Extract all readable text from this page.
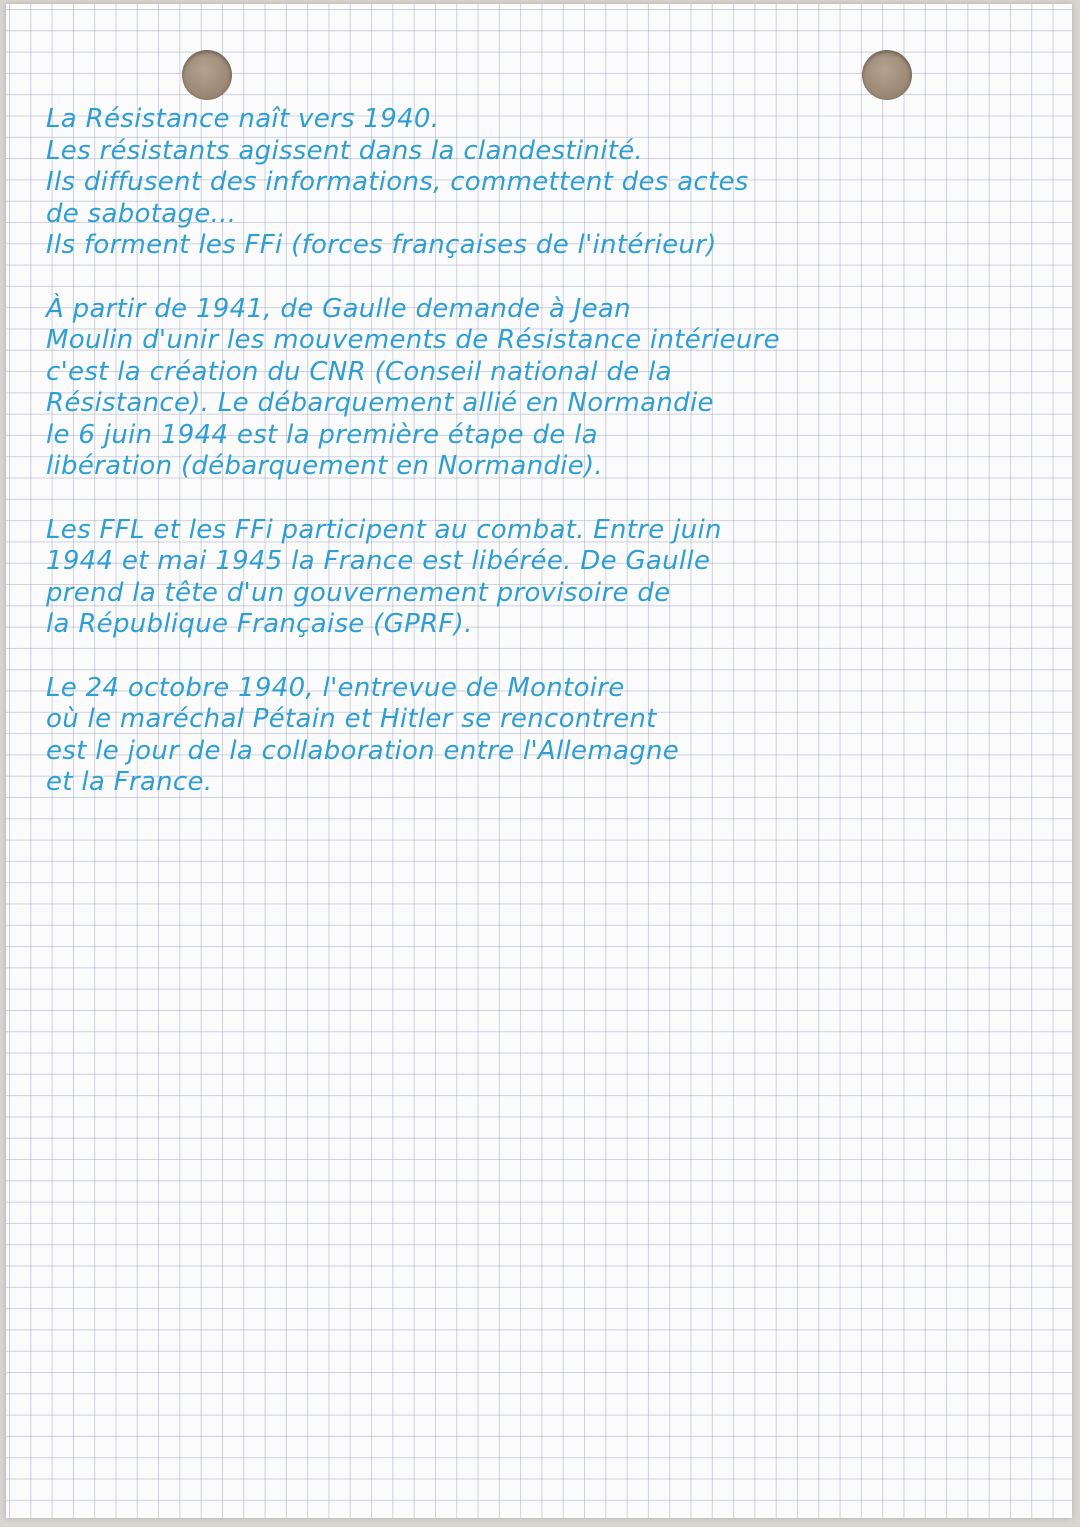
La Résistance naît vers 1940.
Les résistants agissent dans la clandestinité.
Ils diffusent des informations, commettent des actes
de sabotage...
Ils forment les FFi (forces françaises de l'intérieur)
À partir de 1941, de Gaulle demande à Jean
Moulin d'unir les mouvements de Résistance intérieure
c'est la création du CNR (Conseil national de la
Résistance). Le débarquement allié en Normandie
le 6 juin 1944 est la première étape de la
libération (débarquement en Normandie).
Les FFL et les FFi participent au combat. Entre juin
1944 et mai 1945 la France est libérée. De Gaulle
prend la tête d'un gouvernement provisoire de
la République Française (GPRF).
Le 24 octobre 1940, l'entrevue de Montoire
où le maréchal Pétain et Hitler se rencontrent
est le jour de la collaboration entre l'Allemagne
et la France.
